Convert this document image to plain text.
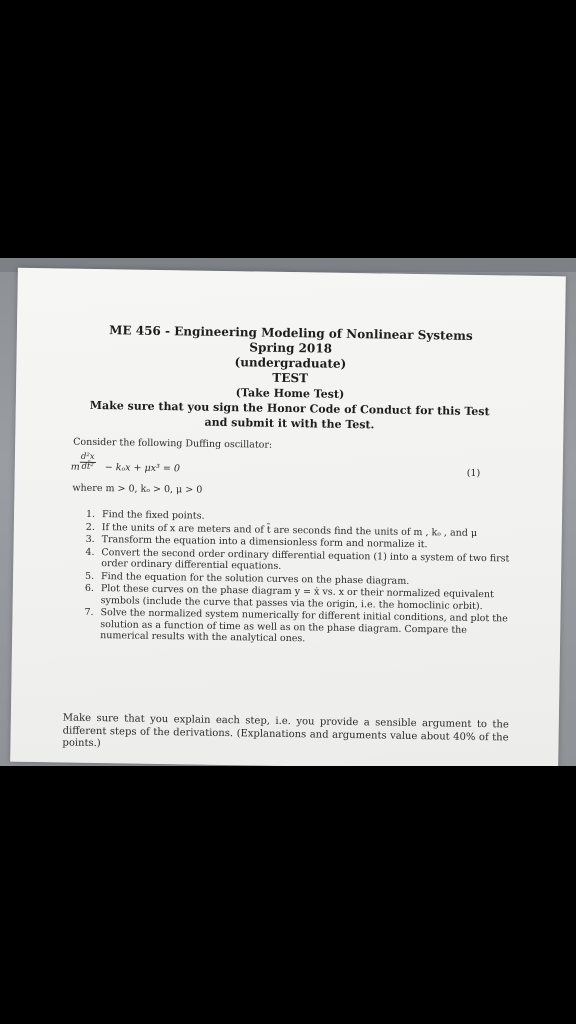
ME 456 - Engineering Modeling of Nonlinear Systems
Spring 2018
(undergraduate)
TEST
(Take Home Test)
Make sure that you sign the Honor Code of Conduct for this Test
and submit it with the Test.
Consider the following Duffing oscillator:
m $\frac{\text{d²x}}{\text{dt̄²}} - k_ox + \mu x^3 = 0$	(1)
where m > 0, kₒ > 0, μ > 0
1. Find the fixed points.
2. If the units of x are meters and of t̄ are seconds find the units of m , kₒ , and μ
3. Transform the equation into a dimensionless form and normalize it.
4. Convert the second order ordinary differential equation (1) into a system of two first order ordinary differential equations.
5. Find the equation for the solution curves on the phase diagram.
6. Plot these curves on the phase diagram y = ẋ vs. x or their normalized equivalent symbols (include the curve that passes via the origin, i.e. the homoclinic orbit).
7. Solve the normalized system numerically for different initial conditions, and plot the solution as a function of time as well as on the phase diagram. Compare the numerical results with the analytical ones.
Make sure that you explain each step, i.e. you provide a sensible argument to the different steps of the derivations. (Explanations and arguments value about 40% of the points.)
